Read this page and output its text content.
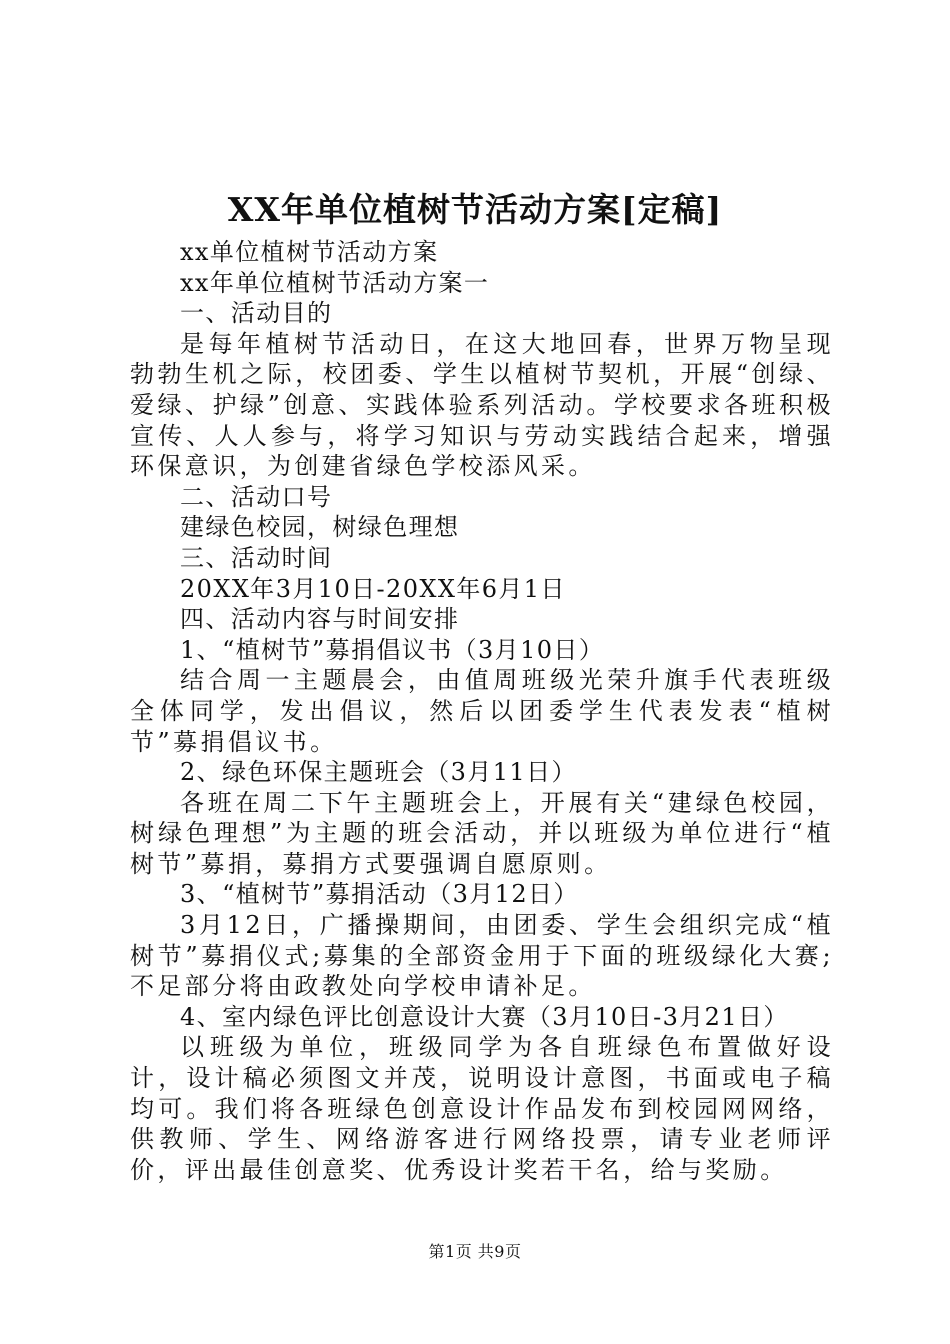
XX年单位植树节活动方案[定稿]

xx单位植树节活动方案

xx年单位植树节活动方案一

一、活动目的

是每年植树节活动日，在这大地回春，世界万物呈现勃勃生机之际，校团委、学生以植树节契机，开展“创绿、爱绿、护绿”创意、实践体验系列活动。学校要求各班积极宣传、人人参与，将学习知识与劳动实践结合起来，增强环保意识，为创建省绿色学校添风采。

二、活动口号

建绿色校园，树绿色理想

三、活动时间

20XX年3月10日-20XX年6月1日

四、活动内容与时间安排

1、“植树节”募捐倡议书（3月10日）

结合周一主题晨会，由值周班级光荣升旗手代表班级全体同学，发出倡议，然后以团委学生代表发表“植树节”募捐倡议书。

2、绿色环保主题班会（3月11日）

各班在周二下午主题班会上，开展有关“建绿色校园，树绿色理想”为主题的班会活动，并以班级为单位进行“植树节”募捐，募捐方式要强调自愿原则。

3、“植树节”募捐活动（3月12日）

3月12日，广播操期间，由团委、学生会组织完成“植树节”募捐仪式;募集的全部资金用于下面的班级绿化大赛;不足部分将由政教处向学校申请补足。

4、室内绿色评比创意设计大赛（3月10日-3月21日）

以班级为单位，班级同学为各自班绿色布置做好设计，设计稿必须图文并茂，说明设计意图，书面或电子稿均可。我们将各班绿色创意设计作品发布到校园网网络，供教师、学生、网络游客进行网络投票，请专业老师评价，评出最佳创意奖、优秀设计奖若干名，给与奖励。

第1页 共9页
